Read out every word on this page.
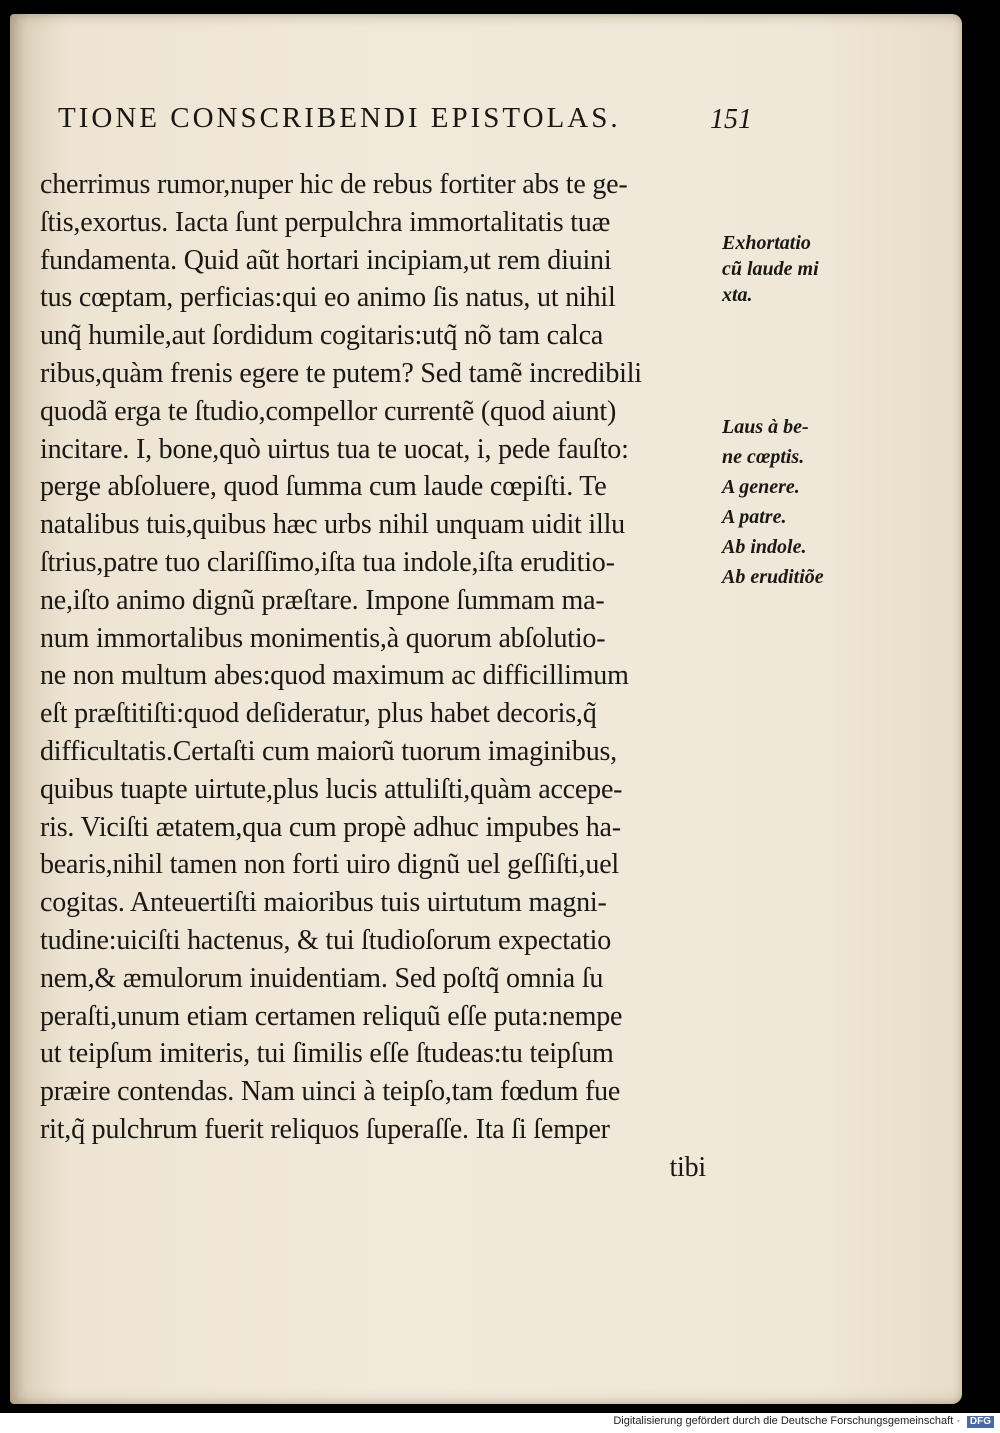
TIONE CONSCRIBENDI EPISTOLAS.	151
cherrimus rumor,nuper hic de rebus fortiter abs te ge-
ſtis,exortus. Iacta ſunt perpulchra immortalitatis tuæ
fundamenta. Quid aũt hortari incipiam,ut rem diuini
tus cœptam, perficias:qui eo animo ſis natus, ut nihil
unq̃ humile,aut ſordidum cogitaris:utq̃ nõ tam calca
ribus,quàm frenis egere te putem? Sed tamẽ incredibili
quodã erga te ſtudio,compellor currentẽ (quod aiunt)
incitare. I, bone,quò uirtus tua te uocat, i, pede fauſto:
perge abſoluere, quod ſumma cum laude cœpiſti. Te
natalibus tuis,quibus hæc urbs nihil unquam uidit illu
ſtrius,patre tuo clariſſimo,iſta tua indole,iſta eruditio-
ne,iſto animo dignũ præſtare. Impone ſummam ma-
num immortalibus monimentis,à quorum abſolutio-
ne non multum abes:quod maximum ac difficillimum
eſt præſtitiſti:quod deſideratur, plus habet decoris,q̃
difficultatis.Certaſti cum maiorũ tuorum imaginibus,
quibus tuapte uirtute,plus lucis attuliſti,quàm accepe-
ris. Viciſti ætatem,qua cum propè adhuc impubes ha-
bearis,nihil tamen non forti uiro dignũ uel geſſiſti,uel
cogitas. Anteuertiſti maioribus tuis uirtutum magni-
tudine:uiciſti hactenus, & tui ſtudioſorum expectatio
nem,& æmulorum inuidentiam. Sed poſtq̃ omnia ſu
peraſti,unum etiam certamen reliquũ eſſe puta:nempe
ut teipſum imiteris, tui ſimilis eſſe ſtudeas:tu teipſum
præire contendas. Nam uinci à teipſo,tam fœdum fue
rit,q̃ pulchrum fuerit reliquos ſuperaſſe. Ita ſi ſemper
tibi
Exhortatio
cũ laude mi
xta.
Laus à be-
ne cœptis.
A genere.
A patre.
Ab indole.
Ab eruditiõe
Digitalisierung gefördert durch die Deutsche Forschungsgemeinschaft · DFG
